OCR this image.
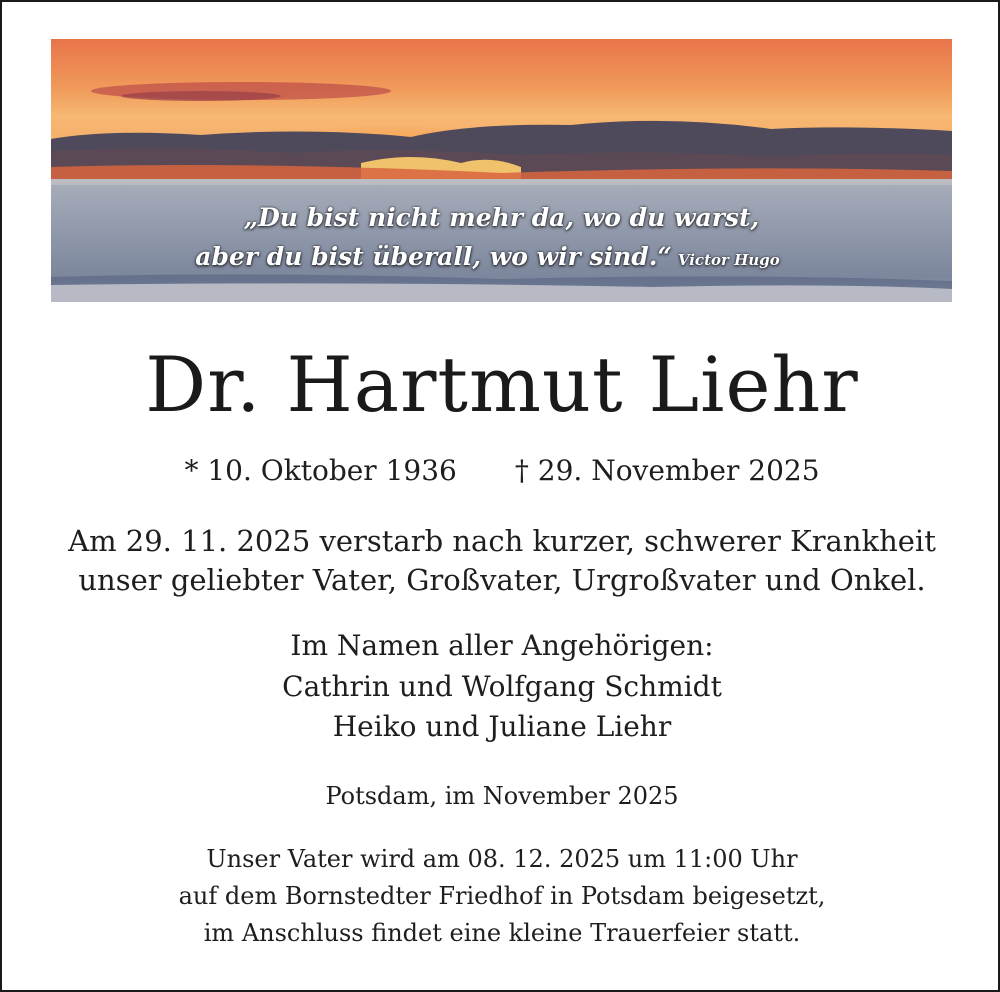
„Du bist nicht mehr da, wo du warst,
aber du bist überall, wo wir sind.“ Victor Hugo
Dr. Hartmut Liehr
* 10. Oktober 1936 † 29. November 2025
Am 29. 11. 2025 verstarb nach kurzer, schwerer Krankheit
unser geliebter Vater, Großvater, Urgroßvater und Onkel.
Im Namen aller Angehörigen:
Cathrin und Wolfgang Schmidt
Heiko und Juliane Liehr
Potsdam, im November 2025
Unser Vater wird am 08. 12. 2025 um 11:00 Uhr
auf dem Bornstedter Friedhof in Potsdam beigesetzt,
im Anschluss findet eine kleine Trauerfeier statt.
